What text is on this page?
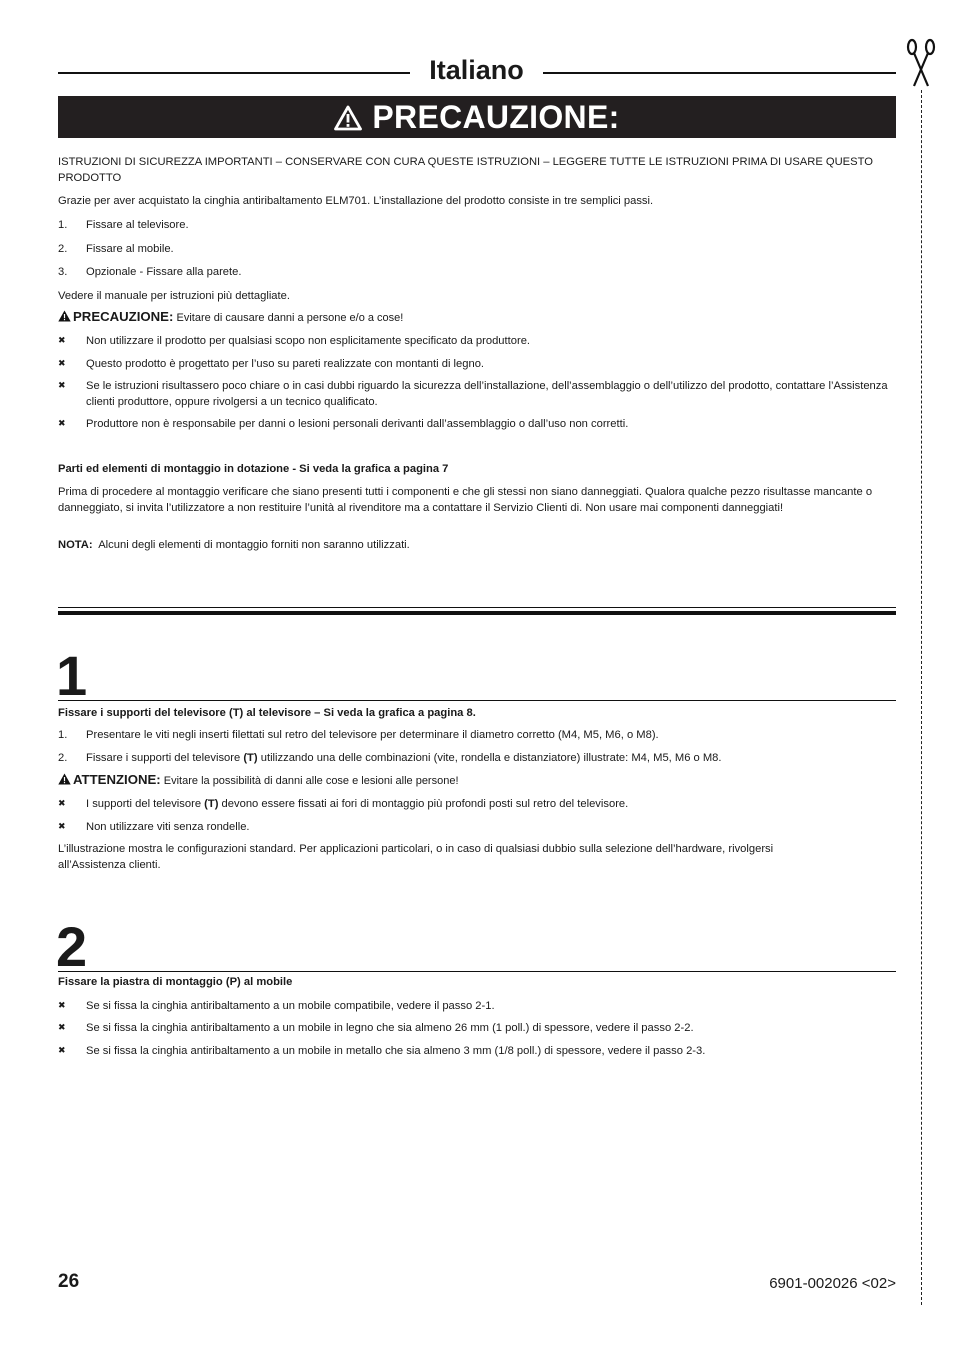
Italiano
PRECAUZIONE:
ISTRUZIONI DI SICUREZZA IMPORTANTI – CONSERVARE CON CURA QUESTE ISTRUZIONI – LEGGERE TUTTE LE ISTRUZIONI PRIMA DI USARE QUESTO PRODOTTO
Grazie per aver acquistato la cinghia antiribaltamento ELM701. L’installazione del prodotto consiste in tre semplici passi.
1. Fissare al televisore.
2. Fissare al mobile.
3. Opzionale - Fissare alla parete.
Vedere il manuale per istruzioni più dettagliate.
PRECAUZIONE: Evitare di causare danni a persone e/o a cose!
✖ Non utilizzare il prodotto per qualsiasi scopo non esplicitamente specificato da produttore.
✖ Questo prodotto è progettato per l’uso su pareti realizzate con montanti di legno.
✖ Se le istruzioni risultassero poco chiare o in casi dubbi riguardo la sicurezza dell’installazione, dell’assemblaggio o dell’utilizzo del prodotto, contattare l’Assistenza clienti produttore, oppure rivolgersi a un tecnico qualificato.
✖ Produttore non è responsabile per danni o lesioni personali derivanti dall’assemblaggio o dall’uso non corretti.
Parti ed elementi di montaggio in dotazione - Si veda la grafica a pagina 7
Prima di procedere al montaggio verificare che siano presenti tutti i componenti e che gli stessi non siano danneggiati. Qualora qualche pezzo risultasse mancante o danneggiato, si invita l’utilizzatore a non restituire l’unità al rivenditore ma a contattare il Servizio Clienti di. Non usare mai componenti danneggiati!
NOTA: Alcuni degli elementi di montaggio forniti non saranno utilizzati.
1
Fissare i supporti del televisore (T) al televisore – Si veda la grafica a pagina 8.
1. Presentare le viti negli inserti filettati sul retro del televisore per determinare il diametro corretto (M4, M5, M6, o M8).
2. Fissare i supporti del televisore (T) utilizzando una delle combinazioni (vite, rondella e distanziatore) illustrate: M4, M5, M6 o M8.
ATTENZIONE: Evitare la possibilità di danni alle cose e lesioni alle persone!
✖ I supporti del televisore (T) devono essere fissati ai fori di montaggio più profondi posti sul retro del televisore.
✖ Non utilizzare viti senza rondelle.
L’illustrazione mostra le configurazioni standard. Per applicazioni particolari, o in caso di qualsiasi dubbio sulla selezione dell’hardware, rivolgersi all’Assistenza clienti.
2
Fissare la piastra di montaggio (P) al mobile
✖ Se si fissa la cinghia antiribaltamento a un mobile compatibile, vedere il passo 2-1.
✖ Se si fissa la cinghia antiribaltamento a un mobile in legno che sia almeno 26 mm (1 poll.) di spessore, vedere il passo 2-2.
✖ Se si fissa la cinghia antiribaltamento a un mobile in metallo che sia almeno 3 mm (1/8 poll.) di spessore, vedere il passo 2-3.
26	6901-002026 <02>
